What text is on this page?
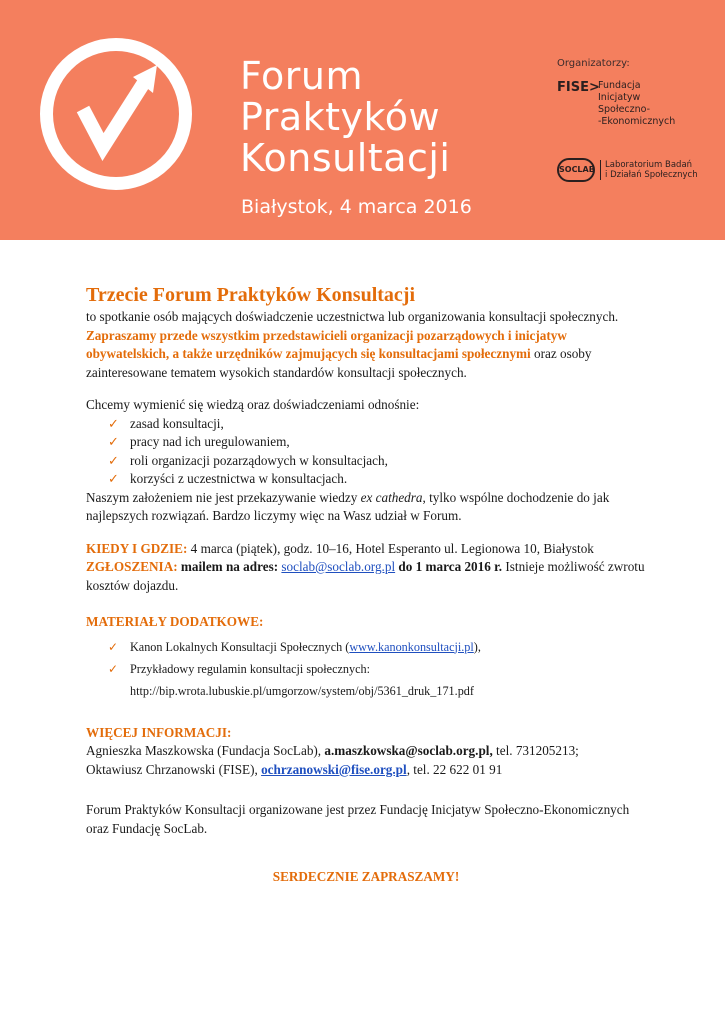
Forum
Praktyków
Konsultacji
Białystok, 4 marca 2016
Organizatorzy:
FISE>
Fundacja
Inicjatyw
Społeczno-
-Ekonomicznych
SOCLAB Laboratorium Badań
i Działań Społecznych
Trzecie Forum Praktyków Konsultacji

to spotkanie osób mających doświadczenie uczestnictwa lub organizowania konsultacji społecznych. Zapraszamy przede wszystkim przedstawicieli organizacji pozarządowych i inicjatyw obywatelskich, a także urzędników zajmujących się konsultacjami społecznymi oraz osoby zainteresowane tematem wysokich standardów konsultacji społecznych.

Chcemy wymienić się wiedzą oraz doświadczeniami odnośnie:

✓ zasad konsultacji,
✓ pracy nad ich uregulowaniem,
✓ roli organizacji pozarządowych w konsultacjach,
✓ korzyści z uczestnictwa w konsultacjach.

Naszym założeniem nie jest przekazywanie wiedzy ex cathedra, tylko wspólne dochodzenie do jak najlepszych rozwiązań. Bardzo liczymy więc na Wasz udział w Forum.

KIEDY I GDZIE: 4 marca (piątek), godz. 10–16, Hotel Esperanto ul. Legionowa 10, Białystok

ZGŁOSZENIA: mailem na adres: soclab@soclab.org.pl do 1 marca 2016 r. Istnieje możliwość zwrotu kosztów dojazdu.

MATERIAŁY DODATKOWE:

✓ Kanon Lokalnych Konsultacji Społecznych (www.kanonkonsultacji.pl),
✓ Przykładowy regulamin konsultacji społecznych:
http://bip.wrota.lubuskie.pl/umgorzow/system/obj/5361_druk_171.pdf

WIĘCEJ INFORMACJI:

Agnieszka Maszkowska (Fundacja SocLab), a.maszkowska@soclab.org.pl, tel. 731205213;

Oktawiusz Chrzanowski (FISE), ochrzanowski@fise.org.pl, tel. 22 622 01 91

Forum Praktyków Konsultacji organizowane jest przez Fundację Inicjatyw Społeczno-Ekonomicznych oraz Fundację SocLab.

SERDECZNIE ZAPRASZAMY!
